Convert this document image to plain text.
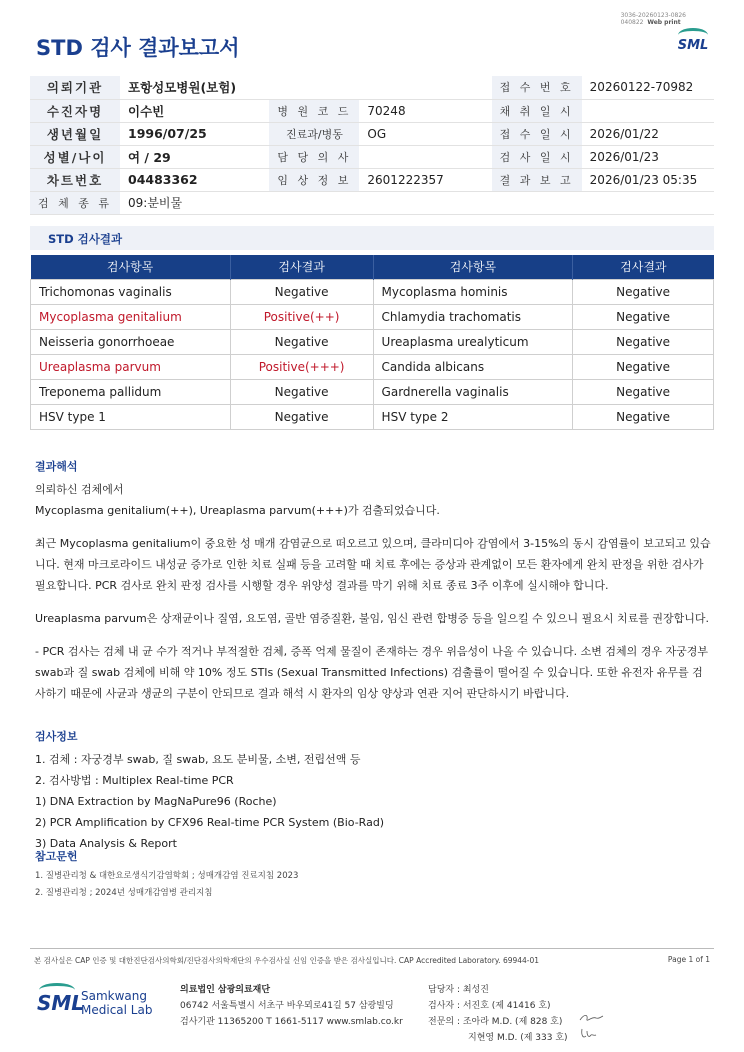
STD 검사 결과보고서
3036-20260123-0826
040822 Web print
SML
의뢰기관	포항성모병원(보험)			접 수 번 호	20260122-70982
수진자명	이수빈	병 원 코 드	70248	채 취 일 시	
생년월일	1996/07/25	진료과/병동	OG	접 수 일 시	2026/01/22
성별/나이	여 / 29	담 당 의 사		검 사 일 시	2026/01/23
차트번호	04483362	임 상 정 보	2601222357	결 과 보 고	2026/01/23 05:35
검 체 종 류	09:분비물				
STD 검사결과
검사항목	검사결과	검사항목	검사결과
Trichomonas vaginalis	Negative	Mycoplasma hominis	Negative
Mycoplasma genitalium	Positive(++)	Chlamydia trachomatis	Negative
Neisseria gonorrhoeae	Negative	Ureaplasma urealyticum	Negative
Ureaplasma parvum	Positive(+++)	Candida albicans	Negative
Treponema pallidum	Negative	Gardnerella vaginalis	Negative
HSV type 1	Negative	HSV type 2	Negative
결과해석
의뢰하신 검체에서
Mycoplasma genitalium(++), Ureaplasma parvum(+++)가 검출되었습니다.
최근 Mycoplasma genitalium이 중요한 성 매개 감염균으로 떠오르고 있으며, 클라미디아 감염에서 3-15%의 동시 감염률이 보고되고 있습니다. 현재 마크로라이드 내성균 증가로 인한 치료 실패 등을 고려할 때 치료 후에는 증상과 관계없이 모든 환자에게 완치 판정을 위한 검사가 필요합니다. PCR 검사로 완치 판정 검사를 시행할 경우 위양성 결과를 막기 위해 치료 종료 3주 이후에 실시해야 합니다.
Ureaplasma parvum은 상재균이나 질염, 요도염, 골반 염증질환, 불임, 임신 관련 합병증 등을 일으킬 수 있으니 필요시 치료를 권장합니다.
- PCR 검사는 검체 내 균 수가 적거나 부적절한 검체, 증폭 억제 물질이 존재하는 경우 위음성이 나올 수 있습니다. 소변 검체의 경우 자궁경부 swab과 질 swab 검체에 비해 약 10% 정도 STIs (Sexual Transmitted Infections) 검출률이 떨어질 수 있습니다. 또한 유전자 유무를 검사하기 때문에 사균과 생균의 구분이 안되므로 결과 해석 시 환자의 임상 양상과 연관 지어 판단하시기 바랍니다.
검사정보
1. 검체 : 자궁경부 swab, 질 swab, 요도 분비물, 소변, 전립선액 등
2. 검사방법 : Multiplex Real-time PCR
1) DNA Extraction by MagNaPure96 (Roche)
2) PCR Amplification by CFX96 Real-time PCR System (Bio-Rad)
3) Data Analysis & Report
참고문헌
1. 질병관리청 & 대한요로생식기감염학회 ; 성매개감염 진료지침 2023
2. 질병관리청 ; 2024년 성매개감염병 관리지침
본 검사실은 CAP 인증 및 대한진단검사의학회/진단검사의학재단의 우수검사실 신임 인증을 받은 검사실입니다. CAP Accredited Laboratory. 69944-01	Page 1 of 1
SML
Samkwang
Medical Lab
의료법인 삼광의료재단
06742 서울특별시 서초구 바우뫼로41길 57 삼광빌딩
검사기관 11365200 T 1661-5117 www.smlab.co.kr
담당자 : 최성진
검사자 : 서진호 (제 41416 호)
전문의 : 조아라 M.D. (제 828 호)
지현영 M.D. (제 333 호)
